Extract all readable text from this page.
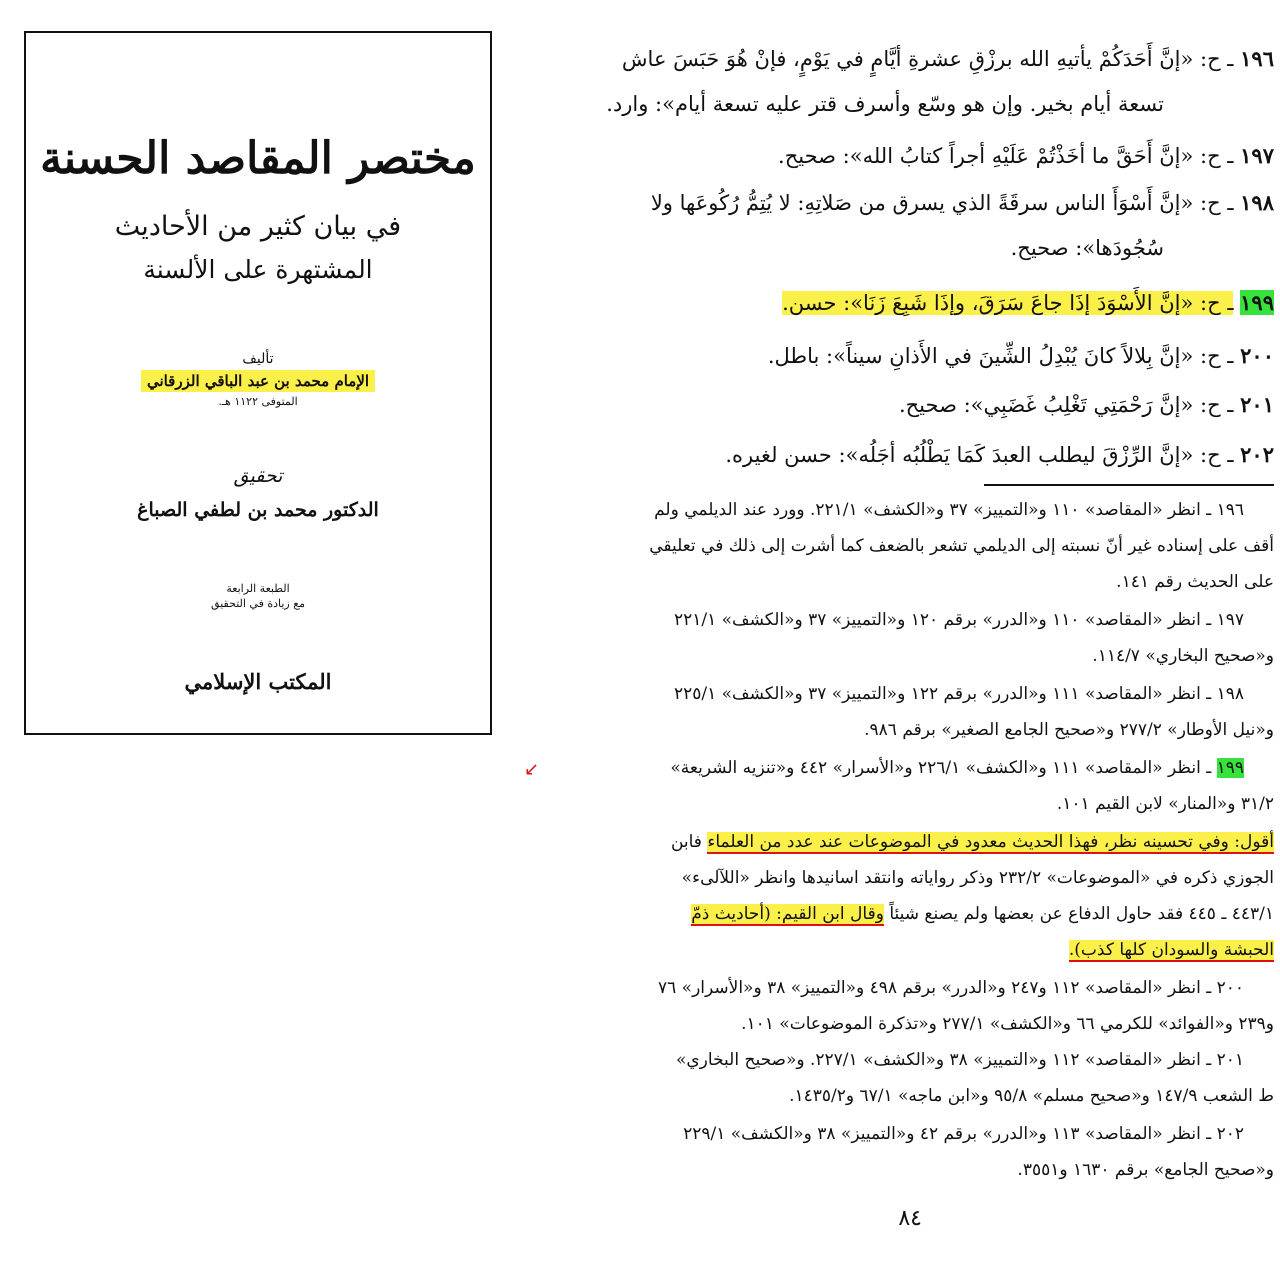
مختصر المقاصد الحسنة
في بيان كثير من الأحاديث
المشتهرة على الألسنة
تأليف
الإمام محمد بن عبد الباقي الزرقاني
المتوفى ١١٢٢ هـ.
تحقيق
الدكتور محمد بن لطفي الصباغ
الطبعة الرابعة
مع زيادة في التحقيق
المكتب الإسلامي
١٩٦ ـ ح: «إنَّ أَحَدَكُمْ يأتيهِ الله برزْقِ عشرةِ أيَّامٍ في يَوْمٍ، فإنْ هُوَ حَبَسَ عاش
تسعة أيام بخير. وإن هو وسّع وأسرف قتر عليه تسعة أيام»: وارد.
١٩٧ ـ ح: «إنَّ أَحَقَّ ما أخَذْتُمْ عَلَيْهِ أجراً كتابُ الله»: صحيح.
١٩٨ ـ ح: «إنَّ أَسْوَأَ الناس سرقَةً الذي يسرق من صَلاتِهِ: لا يُتِمُّ رُكُوعَها ولا
سُجُودَها»: صحيح.
١٩٩ ـ ح: «إنَّ الأَسْوَدَ إذَا جاعَ سَرَقَ، وإذَا شَبِعَ زَنَا»: حسن.
٢٠٠ ـ ح: «إنَّ بِلالاً كانَ يُبْدِلُ الشِّينَ في الأَذانِ سيناً»: باطل.
٢٠١ ـ ح: «إنَّ رَحْمَتِي تَغْلِبُ غَضَبِي»: صحيح.
٢٠٢ ـ ح: «إنَّ الرِّزْقَ ليطلب العبدَ كَمَا يَطْلُبُه أجَلُه»: حسن لغيره.
١٩٦ ـ انظر «المقاصد» ١١٠ و«التمييز» ٣٧ و«الكشف» ٢٢١/١. وورد عند الديلمي ولم
أقف على إسناده غير أنّ نسبته إلى الديلمي تشعر بالضعف كما أشرت إلى ذلك في تعليقي
على الحديث رقم ١٤١.
١٩٧ ـ انظر «المقاصد» ١١٠ و«الدرر» برقم ١٢٠ و«التمييز» ٣٧ و«الكشف» ٢٢١/١
و«صحيح البخاري» ١١٤/٧.
١٩٨ ـ انظر «المقاصد» ١١١ و«الدرر» برقم ١٢٢ و«التمييز» ٣٧ و«الكشف» ٢٢٥/١
و«نيل الأوطار» ٢٧٧/٢ و«صحيح الجامع الصغير» برقم ٩٨٦.
١٩٩ ـ انظر «المقاصد» ١١١ و«الكشف» ٢٢٦/١ و«الأسرار» ٤٤٢ و«تنزيه الشريعة»
٣١/٢ و«المنار» لابن القيم ١٠١.
↙
أقول: وفي تحسينه نظر، فهذا الحديث معدود في الموضوعات عند عدد من العلماء فابن
الجوزي ذكره في «الموضوعات» ٢٣٢/٢ وذكر رواياته وانتقد اسانيدها وانظر «اللآلىء»
٤٤٣/١ ـ ٤٤٥ فقد حاول الدفاع عن بعضها ولم يصنع شيئاً وقال ابن القيم: (أحاديث ذمّ
الحبشة والسودان كلها كذب).
٢٠٠ ـ انظر «المقاصد» ١١٢ و٢٤٧ و«الدرر» برقم ٤٩٨ و«التمييز» ٣٨ و«الأسرار» ٧٦
و٢٣٩ و«الفوائد» للكرمي ٦٦ و«الكشف» ٢٧٧/١ و«تذكرة الموضوعات» ١٠١.
٢٠١ ـ انظر «المقاصد» ١١٢ و«التمييز» ٣٨ و«الكشف» ٢٢٧/١. و«صحيح البخاري»
ط الشعب ١٤٧/٩ و«صحيح مسلم» ٩٥/٨ و«ابن ماجه» ٦٧/١ و١٤٣٥/٢.
٢٠٢ ـ انظر «المقاصد» ١١٣ و«الدرر» برقم ٤٢ و«التمييز» ٣٨ و«الكشف» ٢٢٩/١
و«صحيح الجامع» برقم ١٦٣٠ و٣٥٥١.
٨٤
